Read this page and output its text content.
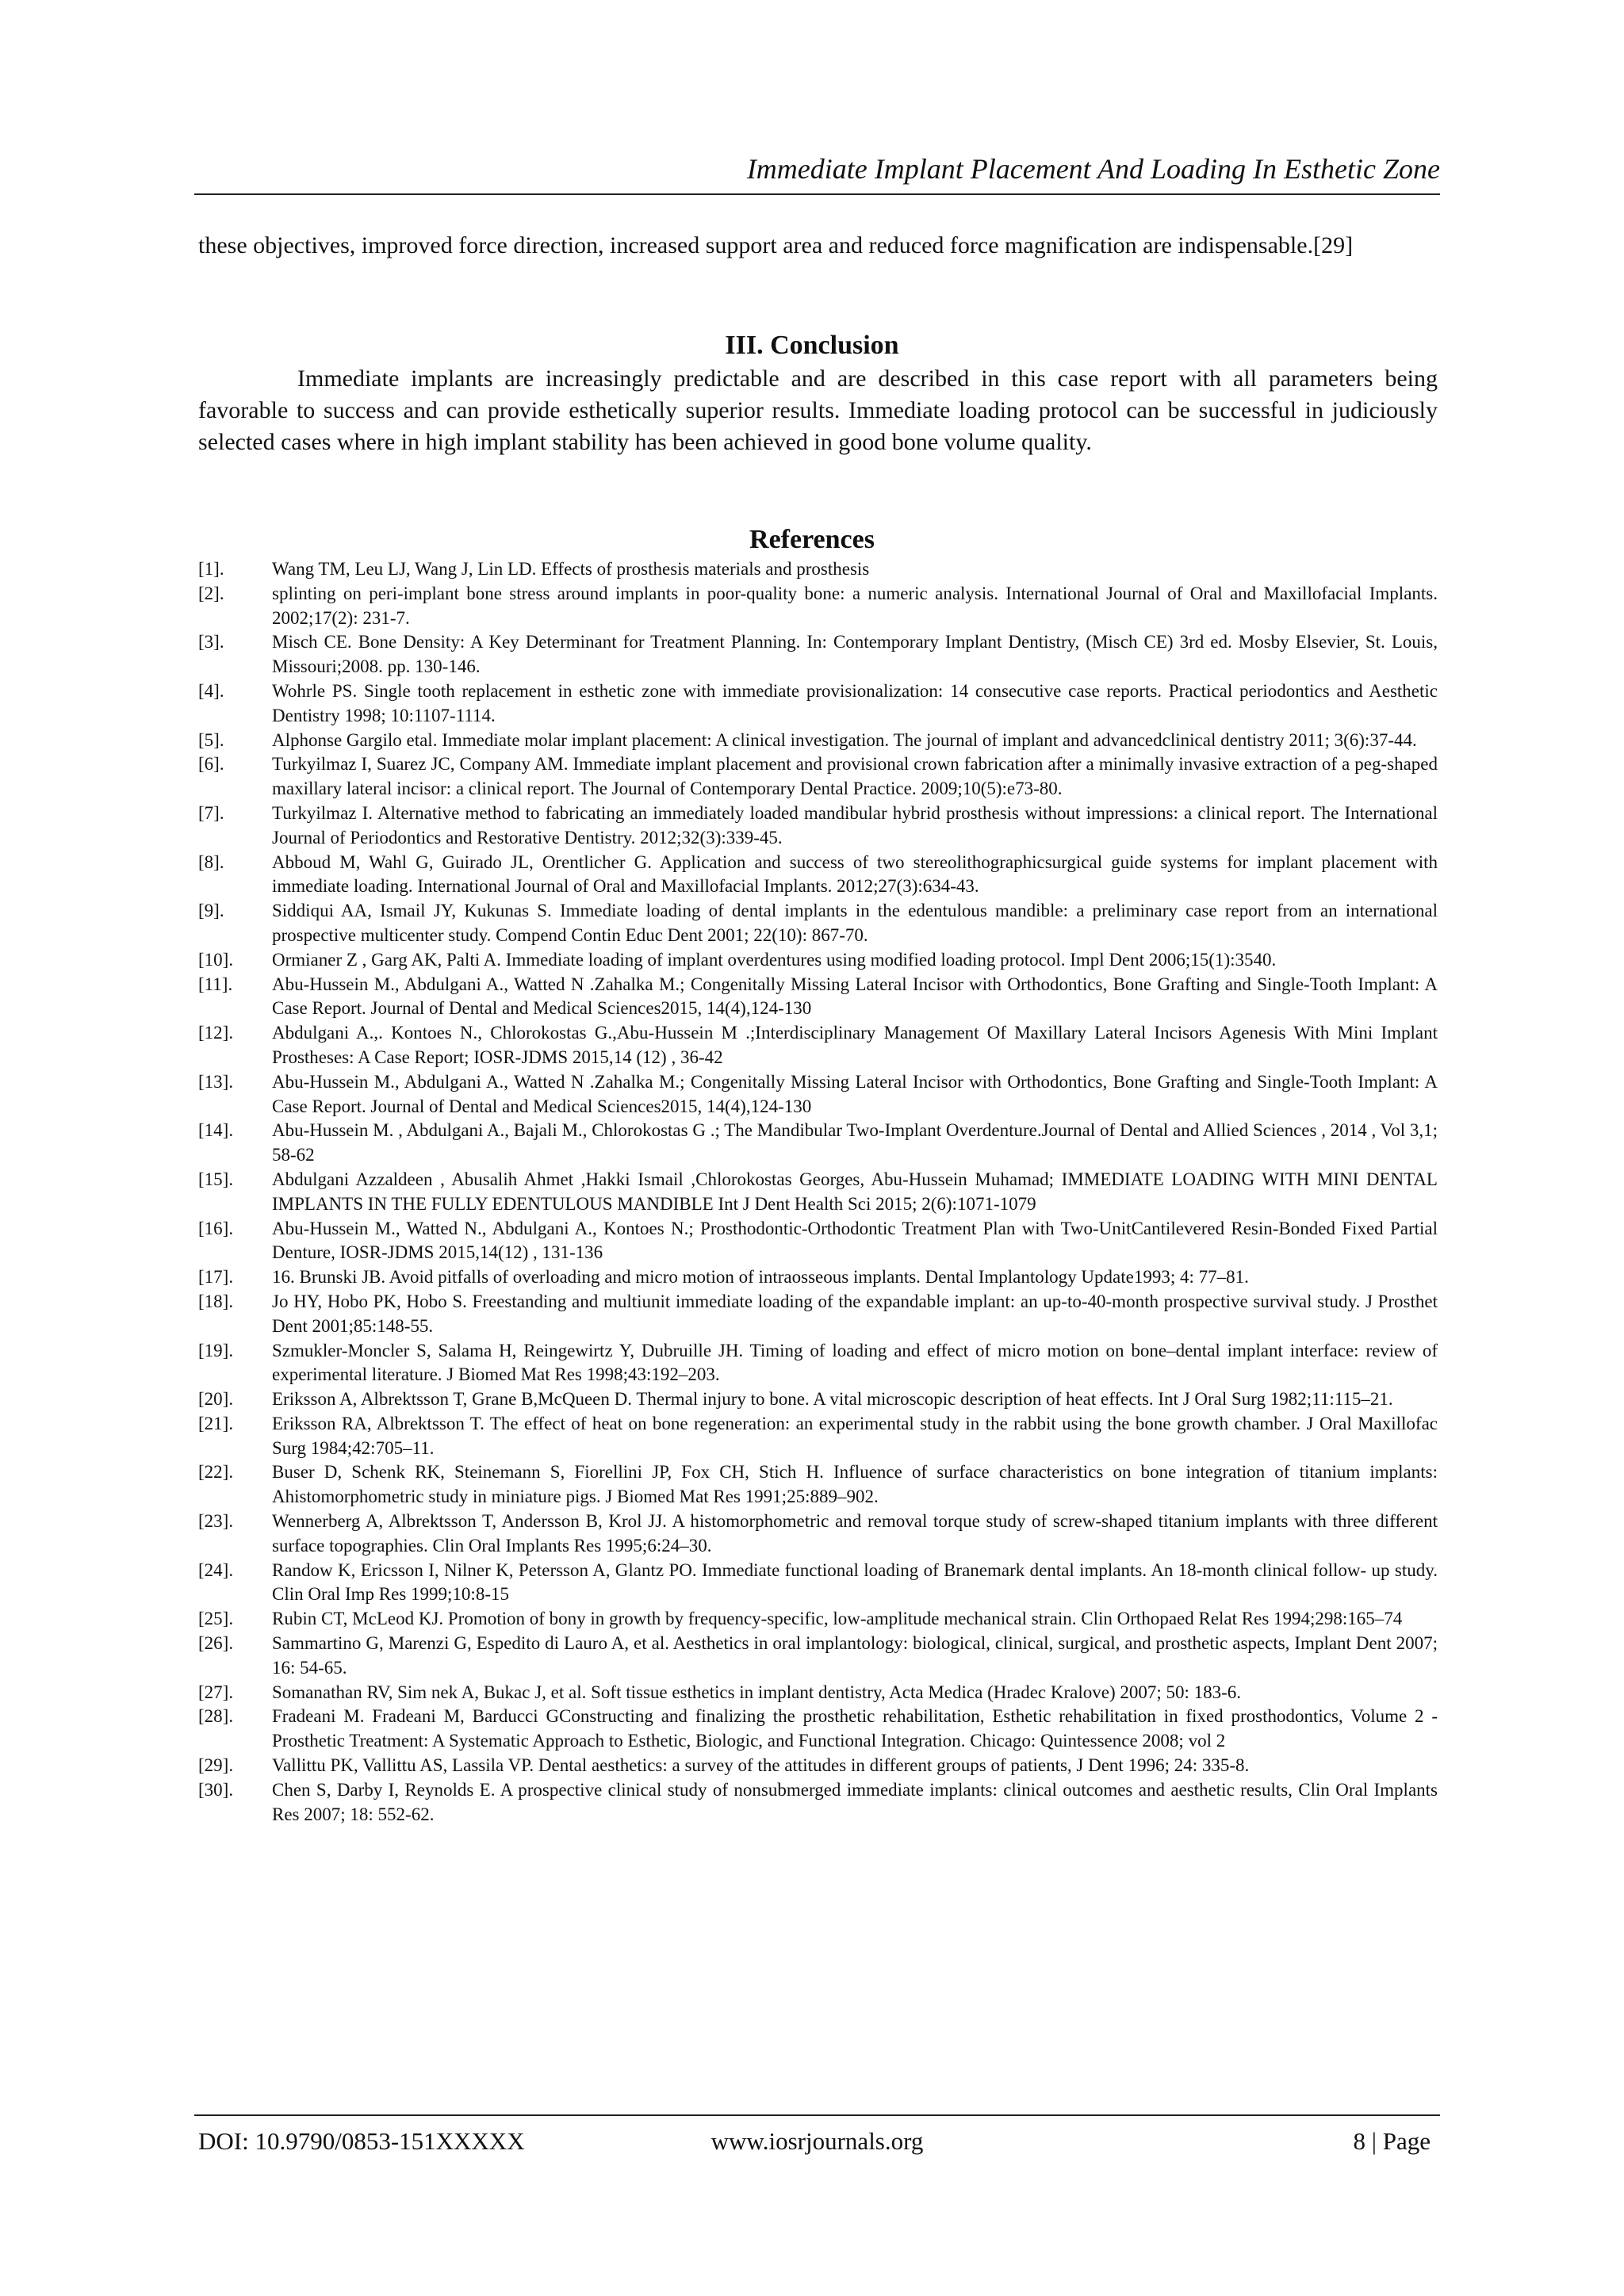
Immediate Implant Placement And Loading In Esthetic Zone

these objectives, improved force direction, increased support area and reduced force magnification are indispensable.[29]

III. Conclusion

Immediate implants are increasingly predictable and are described in this case report with all parameters being favorable to success and can provide esthetically superior results. Immediate loading protocol can be successful in judiciously selected cases where in high implant stability has been achieved in good bone volume quality.

References
[1].	Wang TM, Leu LJ, Wang J, Lin LD. Effects of prosthesis materials and prosthesis
[2].	splinting on peri-implant bone stress around implants in poor-quality bone: a numeric analysis. International Journal of Oral and Maxillofacial Implants. 2002;17(2): 231-7.
[3].	Misch CE. Bone Density: A Key Determinant for Treatment Planning. In: Contemporary Implant Dentistry, (Misch CE) 3rd ed. Mosby Elsevier, St. Louis, Missouri;2008. pp. 130-146.
[4].	Wohrle PS. Single tooth replacement in esthetic zone with immediate provisionalization: 14 consecutive case reports. Practical periodontics and Aesthetic Dentistry 1998; 10:1107-1114.
[5].	Alphonse Gargilo etal. Immediate molar implant placement: A clinical investigation. The journal of implant and advancedclinical dentistry 2011; 3(6):37-44.
[6].	Turkyilmaz I, Suarez JC, Company AM. Immediate implant placement and provisional crown fabrication after a minimally invasive extraction of a peg-shaped maxillary lateral incisor: a clinical report. The Journal of Contemporary Dental Practice. 2009;10(5):e73-80.
[7].	Turkyilmaz I. Alternative method to fabricating an immediately loaded mandibular hybrid prosthesis without impressions: a clinical report. The International Journal of Periodontics and Restorative Dentistry. 2012;32(3):339-45.
[8].	Abboud M, Wahl G, Guirado JL, Orentlicher G. Application and success of two stereolithographicsurgical guide systems for implant placement with immediate loading. International Journal of Oral and Maxillofacial Implants. 2012;27(3):634-43.
[9].	Siddiqui AA, Ismail JY, Kukunas S. Immediate loading of dental implants in the edentulous mandible: a preliminary case report from an international prospective multicenter study. Compend Contin Educ Dent 2001; 22(10): 867-70.
[10].	Ormianer Z , Garg AK, Palti A. Immediate loading of implant overdentures using modified loading protocol. Impl Dent 2006;15(1):3540.
[11].	Abu-Hussein M., Abdulgani A., Watted N .Zahalka M.; Congenitally Missing Lateral Incisor with Orthodontics, Bone Grafting and Single-Tooth Implant: A Case Report. Journal of Dental and Medical Sciences2015, 14(4),124-130
[12].	Abdulgani A.,. Kontoes N., Chlorokostas G.,Abu-Hussein M .;Interdisciplinary Management Of Maxillary Lateral Incisors Agenesis With Mini Implant Prostheses: A Case Report; IOSR-JDMS 2015,14 (12) , 36-42
[13].	Abu-Hussein M., Abdulgani A., Watted N .Zahalka M.; Congenitally Missing Lateral Incisor with Orthodontics, Bone Grafting and Single-Tooth Implant: A Case Report. Journal of Dental and Medical Sciences2015, 14(4),124-130
[14].	Abu-Hussein M. , Abdulgani A., Bajali M., Chlorokostas G .; The Mandibular Two-Implant Overdenture.Journal of Dental and Allied Sciences , 2014 , Vol 3,1; 58-62
[15].	Abdulgani Azzaldeen , Abusalih Ahmet ,Hakki Ismail ,Chlorokostas Georges, Abu-Hussein Muhamad; IMMEDIATE LOADING WITH MINI DENTAL IMPLANTS IN THE FULLY EDENTULOUS MANDIBLE Int J Dent Health Sci 2015; 2(6):1071-1079
[16].	Abu-Hussein M., Watted N., Abdulgani A., Kontoes N.; Prosthodontic-Orthodontic Treatment Plan with Two-UnitCantilevered Resin-Bonded Fixed Partial Denture, IOSR-JDMS 2015,14(12) , 131-136
[17].	16. Brunski JB. Avoid pitfalls of overloading and micro motion of intraosseous implants. Dental Implantology Update1993; 4: 77–81.
[18].	Jo HY, Hobo PK, Hobo S. Freestanding and multiunit immediate loading of the expandable implant: an up-to-40-month prospective survival study. J Prosthet Dent 2001;85:148-55.
[19].	Szmukler-Moncler S, Salama H, Reingewirtz Y, Dubruille JH. Timing of loading and effect of micro motion on bone–dental implant interface: review of experimental literature. J Biomed Mat Res 1998;43:192–203.
[20].	Eriksson A, Albrektsson T, Grane B,McQueen D. Thermal injury to bone. A vital microscopic description of heat effects. Int J Oral Surg 1982;11:115–21.
[21].	Eriksson RA, Albrektsson T. The effect of heat on bone regeneration: an experimental study in the rabbit using the bone growth chamber. J Oral Maxillofac Surg 1984;42:705–11.
[22].	Buser D, Schenk RK, Steinemann S, Fiorellini JP, Fox CH, Stich H. Influence of surface characteristics on bone integration of titanium implants: Ahistomorphometric study in miniature pigs. J Biomed Mat Res 1991;25:889–902.
[23].	Wennerberg A, Albrektsson T, Andersson B, Krol JJ. A histomorphometric and removal torque study of screw-shaped titanium implants with three different surface topographies. Clin Oral Implants Res 1995;6:24–30.
[24].	Randow K, Ericsson I, Nilner K, Petersson A, Glantz PO. Immediate functional loading of Branemark dental implants. An 18-month clinical follow- up study. Clin Oral Imp Res 1999;10:8-15
[25].	Rubin CT, McLeod KJ. Promotion of bony in growth by frequency-specific, low-amplitude mechanical strain. Clin Orthopaed Relat Res 1994;298:165–74
[26].	Sammartino G, Marenzi G, Espedito di Lauro A, et al. Aesthetics in oral implantology: biological, clinical, surgical, and prosthetic aspects, Implant Dent 2007; 16: 54-65.
[27].	Somanathan RV, Sim nek A, Bukac J, et al. Soft tissue esthetics in implant dentistry, Acta Medica (Hradec Kralove) 2007; 50: 183-6.
[28].	Fradeani M. Fradeani M, Barducci GConstructing and finalizing the prosthetic rehabilitation, Esthetic rehabilitation in fixed prosthodontics, Volume 2 - Prosthetic Treatment: A Systematic Approach to Esthetic, Biologic, and Functional Integration. Chicago: Quintessence 2008; vol 2
[29].	Vallittu PK, Vallittu AS, Lassila VP. Dental aesthetics: a survey of the attitudes in different groups of patients, J Dent 1996; 24: 335-8.
[30].	Chen S, Darby I, Reynolds E. A prospective clinical study of nonsubmerged immediate implants: clinical outcomes and aesthetic results, Clin Oral Implants Res 2007; 18: 552-62.
DOI: 10.9790/0853-151XXXXX	www.iosrjournals.org	8 | Page
